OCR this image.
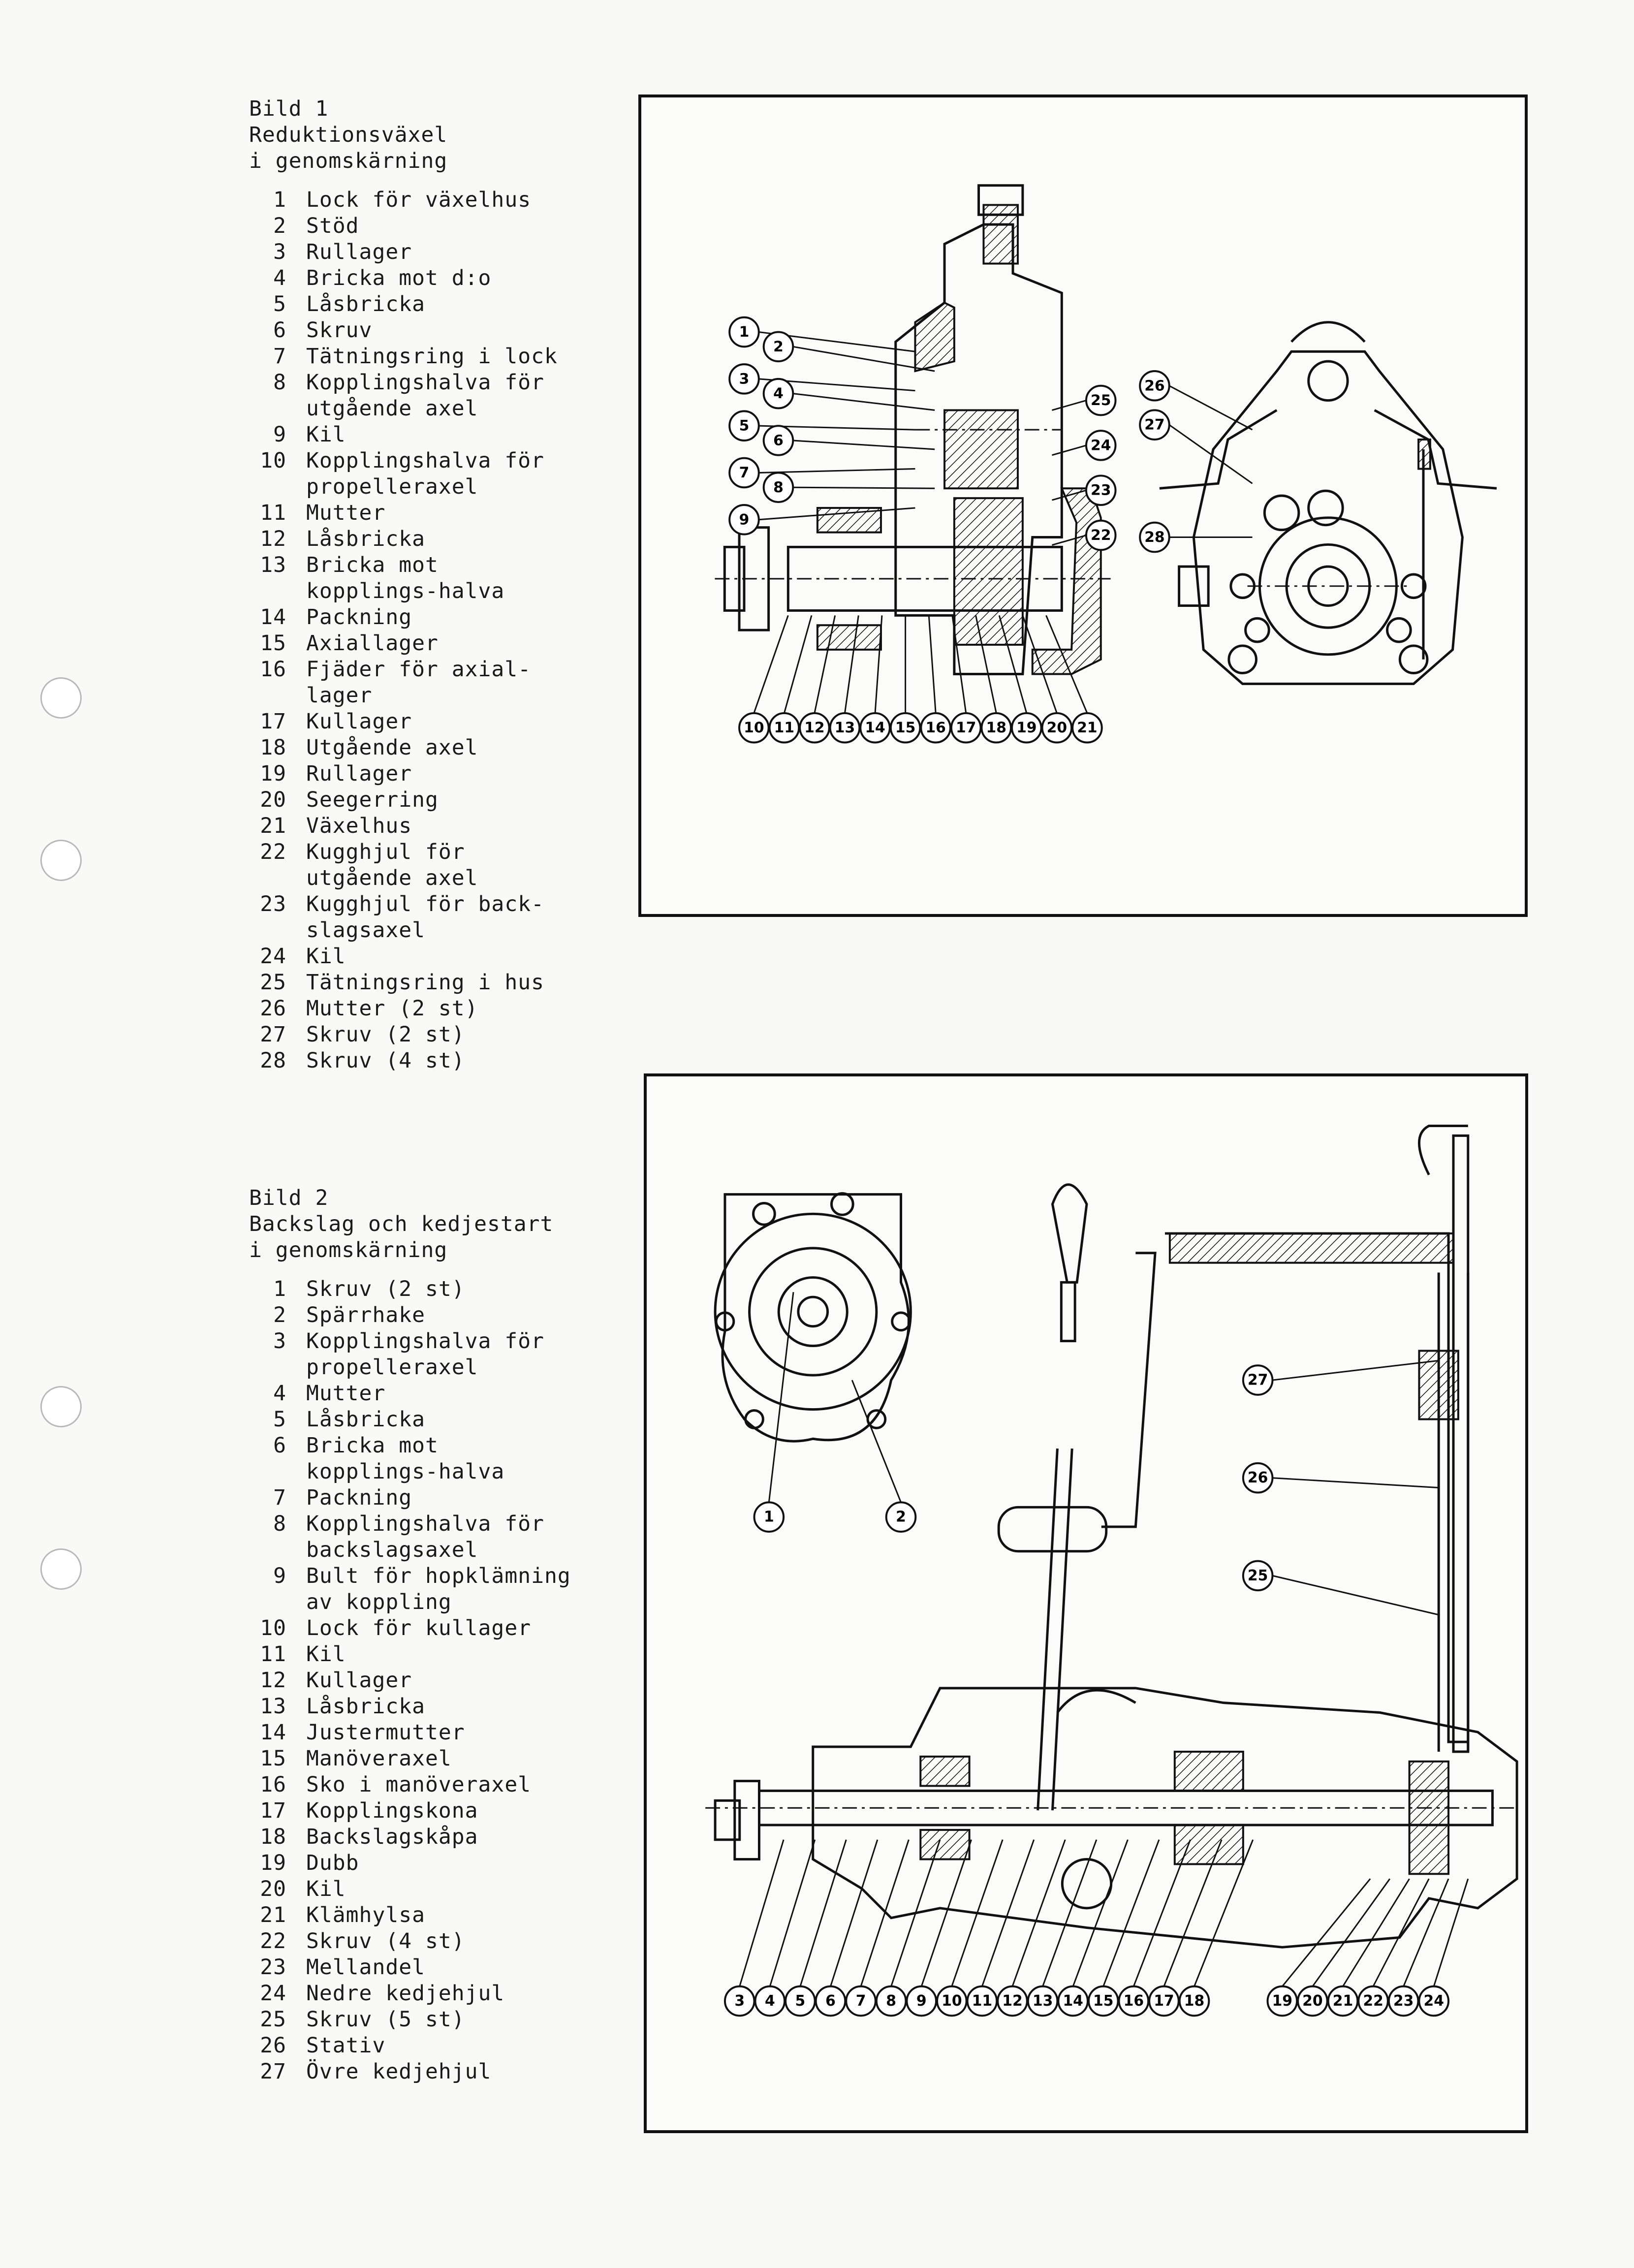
Bild 1
Reduktionsväxel
i genomskärning
1 Lock för växelhus
2 Stöd
3 Rullager
4 Bricka mot d:o
5 Låsbricka
6 Skruv
7 Tätningsring i lock
8 Kopplingshalva för utgående axel
9 Kil
10 Kopplingshalva för propelleraxel
11 Mutter
12 Låsbricka
13 Bricka mot kopplings-halva
14 Packning
15 Axiallager
16 Fjäder för axial-lager
17 Kullager
18 Utgående axel
19 Rullager
20 Seegerring
21 Växelhus
22 Kugghjul för utgående axel
23 Kugghjul för back-slagsaxel
24 Kil
25 Tätningsring i hus
26 Mutter (2 st)
27 Skruv (2 st)
28 Skruv (4 st)
Bild 2
Backslag och kedjestart
i genomskärning
1 Skruv (2 st)
2 Spärrhake
3 Kopplingshalva för propelleraxel
4 Mutter
5 Låsbricka
6 Bricka mot kopplings-halva
7 Packning
8 Kopplingshalva för backslagsaxel
9 Bult för hopklämning av koppling
10 Lock för kullager
11 Kil
12 Kullager
13 Låsbricka
14 Justermutter
15 Manöveraxel
16 Sko i manöveraxel
17 Kopplingskona
18 Backslagskåpa
19 Dubb
20 Kil
21 Klämhylsa
22 Skruv (4 st)
23 Mellandel
24 Nedre kedjehjul
25 Skruv (5 st)
26 Stativ
27 Övre kedjehjul
1
2
3
4
5
6
7
8
9
25
24
23
22
26
27
28
10 11 12 13 14 15 16 17 18 19 20 21
1	2
27
26
25
3 4 5 6 7 8 9 10 11 12 13 14 15 16 17 18	19 20 21 22 23 24
